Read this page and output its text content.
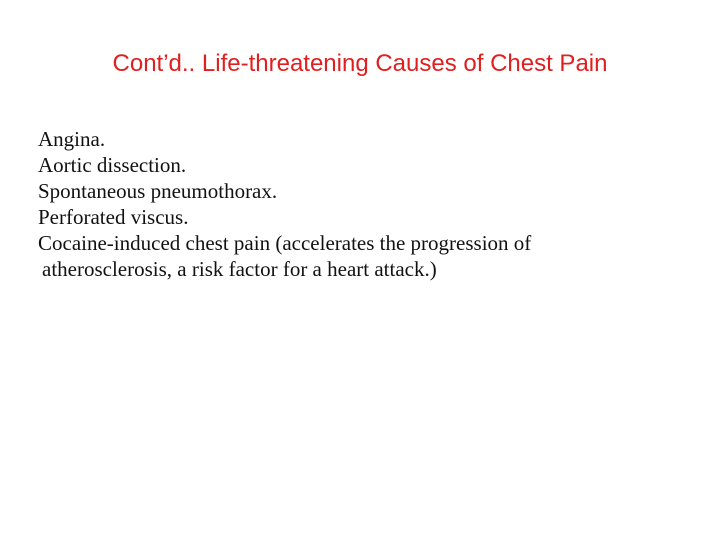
Cont’d.. Life-threatening Causes of Chest Pain
Angina.
Aortic dissection.
Spontaneous pneumothorax.
Perforated viscus.
Cocaine-induced chest pain (accelerates the progression of
atherosclerosis, a risk factor for a heart attack.)
